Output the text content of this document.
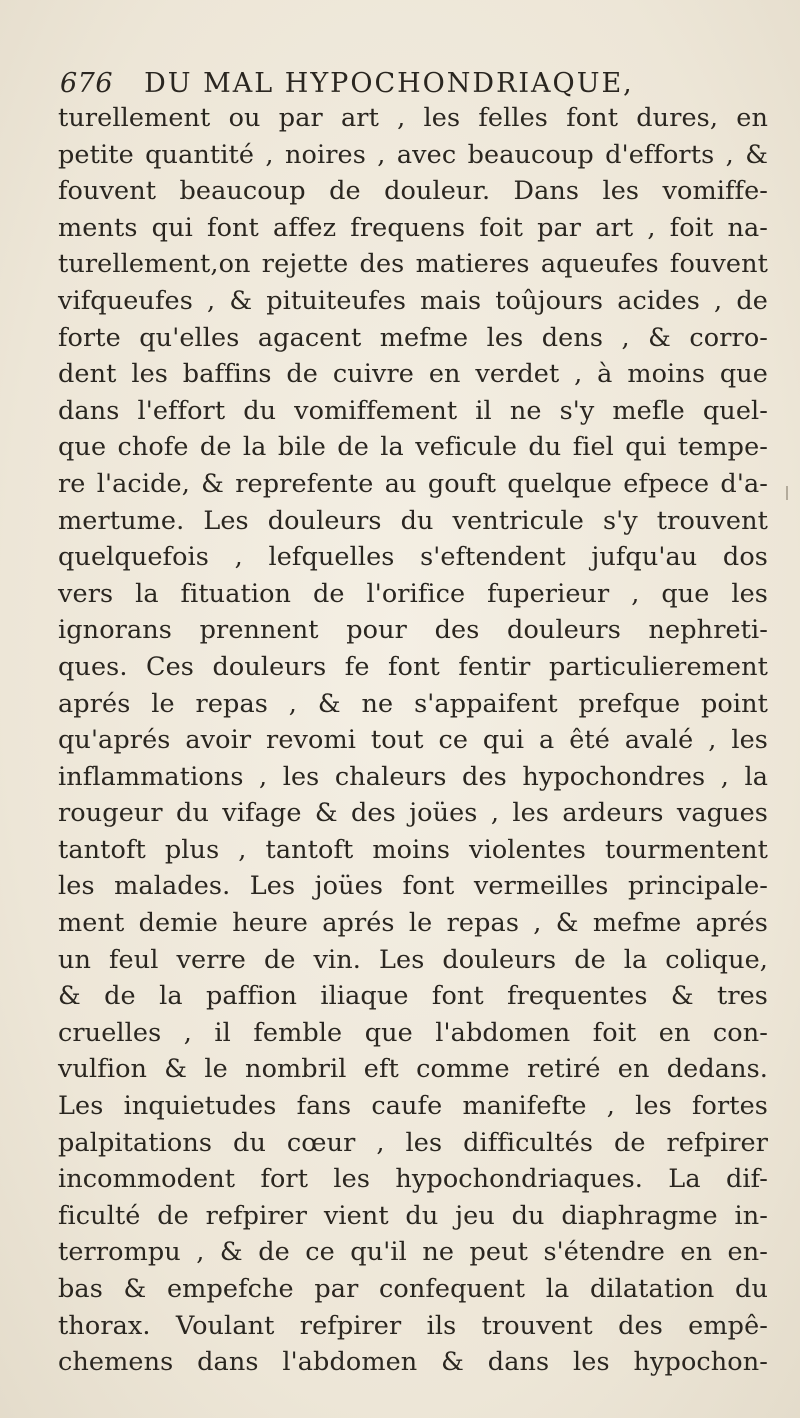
676 DU MAL HYPOCHONDRIAQUE,
turellement ou par art , les felles font dures, en
petite quantité , noires , avec beaucoup d'efforts , &
fouvent beaucoup de douleur. Dans les vomiffe-
ments qui font affez frequens foit par art , foit na-
turellement,on rejette des matieres aqueufes fouvent
vifqueufes , & pituiteufes mais toûjours acides , de
forte qu'elles agacent mefme les dens , & corro-
dent les baffins de cuivre en verdet , à moins que
dans l'effort du vomiffement il ne s'y mefle quel-
que chofe de la bile de la veficule du fiel qui tempe-
re l'acide, & reprefente au gouft quelque efpece d'a-
mertume. Les douleurs du ventricule s'y trouvent
quelquefois , lefquelles s'eftendent jufqu'au dos
vers la fituation de l'orifice fuperieur , que les
ignorans prennent pour des douleurs nephreti-
ques. Ces douleurs fe font fentir particulierement
aprés le repas , & ne s'appaifent prefque point
qu'aprés avoir revomi tout ce qui a êté avalé , les
inflammations , les chaleurs des hypochondres , la
rougeur du vifage & des joües , les ardeurs vagues
tantoft plus , tantoft moins violentes tourmentent
les malades. Les joües font vermeilles principale-
ment demie heure aprés le repas , & mefme aprés
un feul verre de vin. Les douleurs de la colique,
& de la paffion iliaque font frequentes & tres
cruelles , il femble que l'abdomen foit en con-
vulfion & le nombril eft comme retiré en dedans.
Les inquietudes fans caufe manifefte , les fortes
palpitations du cœur , les difficultés de refpirer
incommodent fort les hypochondriaques. La dif-
ficulté de refpirer vient du jeu du diaphragme in-
terrompu , & de ce qu'il ne peut s'étendre en en-
bas & empefche par confequent la dilatation du
thorax. Voulant refpirer ils trouvent des empê-
chemens dans l'abdomen & dans les hypochon-
